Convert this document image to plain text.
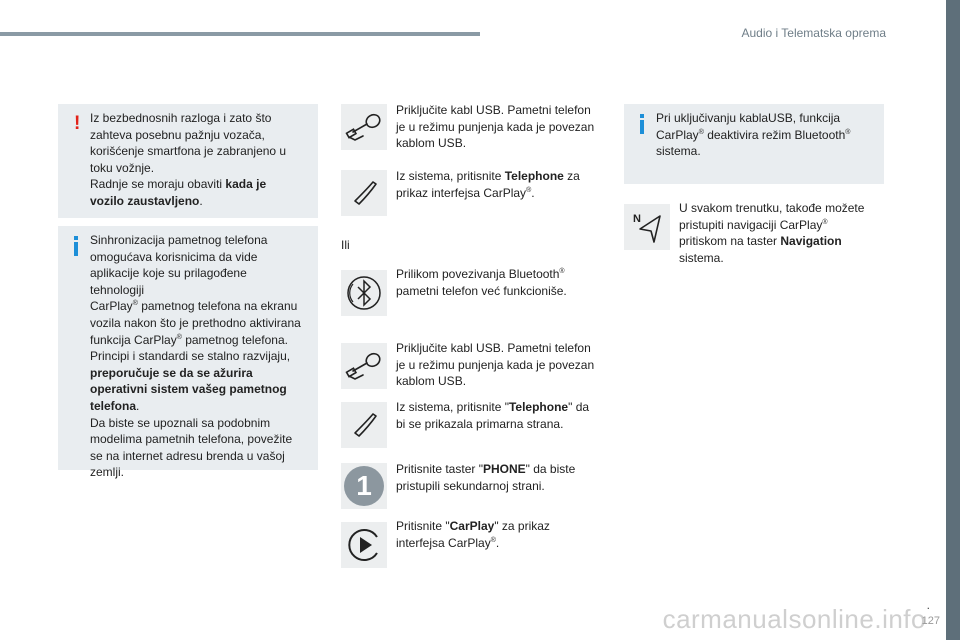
Audio i Telematska oprema
carmanualsonline.info .
127
! Iz bezbednosnih razloga i zato što
zahteva posebnu pažnju vozača,
korišćenje smartfona je zabranjeno u
toku vožnje.
Radnje se moraju obaviti kada je
vozilo zaustavljeno.
Sinhronizacija pametnog telefona
omogućava korisnicima da vide
aplikacije koje su prilagođene tehnologiji
CarPlay® pametnog telefona na ekranu
vozila nakon što je prethodno aktivirana
funkcija CarPlay® pametnog telefona.
Principi i standardi se stalno razvijaju,
preporučuje se da se ažurira
operativni sistem vašeg pametnog
telefona.
Da biste se upoznali sa podobnim
modelima pametnih telefona, povežite
se na internet adresu brenda u vašoj
zemlji.
Priključite kabl USB. Pametni telefon
je u režimu punjenja kada je povezan
kablom USB.
Iz sistema, pritisnite Telephone za
prikaz interfejsa CarPlay®.
Ili
Prilikom povezivanja Bluetooth®
pametni telefon već funkcioniše.
Priključite kabl USB. Pametni telefon
je u režimu punjenja kada je povezan
kablom USB.
Iz sistema, pritisnite "Telephone" da
bi se prikazala primarna strana.
1
Pritisnite taster "PHONE" da biste
pristupili sekundarnoj strani.
Pritisnite "CarPlay" za prikaz
interfejsa CarPlay®.
Pri uključivanju kablaUSB, funkcija
CarPlay® deaktivira režim Bluetooth®
sistema.
N
U svakom trenutku, takođe možete
pristupiti navigaciji CarPlay®
pritiskom na taster Navigation
sistema.
